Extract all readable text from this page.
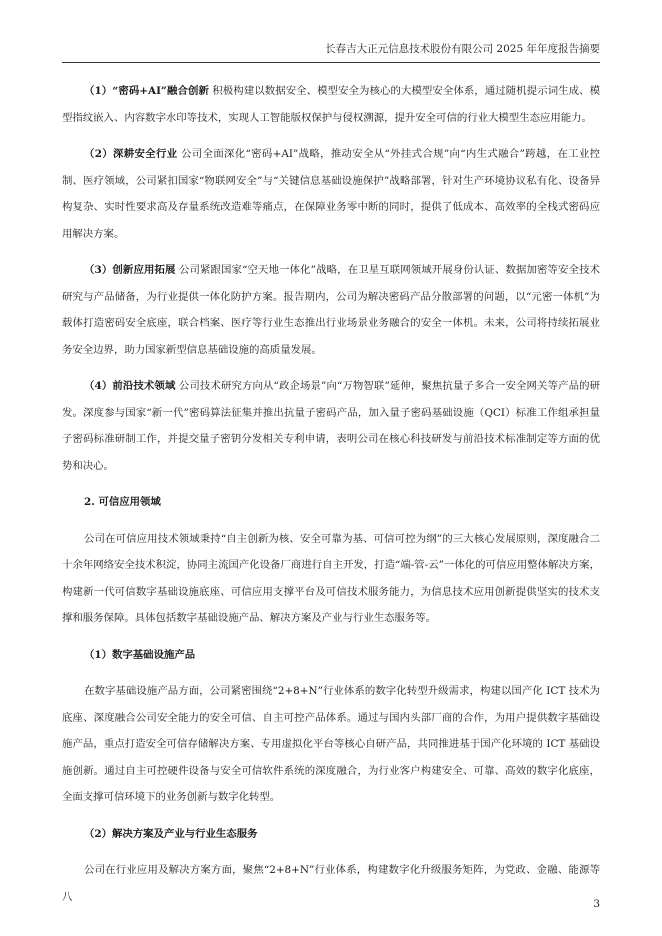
长春吉大正元信息技术股份有限公司 2025 年年度报告摘要

（1）“密码+AI”融合创新 积极构建以数据安全、模型安全为核心的大模型安全体系，通过随机提示词生成、模型指纹嵌入、内容数字水印等技术，实现人工智能版权保护与侵权溯源，提升安全可信的行业大模型生态应用能力。

（2）深耕安全行业 公司全面深化“密码+AI”战略，推动安全从“外挂式合规”向“内生式融合”跨越，在工业控制、医疗领域，公司紧扣国家“物联网安全”与“关键信息基础设施保护”战略部署，针对生产环境协议私有化、设备异构复杂、实时性要求高及存量系统改造难等痛点，在保障业务零中断的同时，提供了低成本、高效率的全栈式密码应用解决方案。

（3）创新应用拓展 公司紧跟国家“空天地一体化”战略，在卫星互联网领域开展身份认证、数据加密等安全技术研究与产品储备，为行业提供一体化防护方案。报告期内，公司为解决密码产品分散部署的问题，以“元密一体机”为载体打造密码安全底座，联合档案、医疗等行业生态推出行业场景业务融合的安全一体机。未来，公司将持续拓展业务安全边界，助力国家新型信息基础设施的高质量发展。

（4）前沿技术领域 公司技术研究方向从“政企场景”向“万物智联”延伸，聚焦抗量子多合一安全网关等产品的研发。深度参与国家“新一代”密码算法征集并推出抗量子密码产品，加入量子密码基础设施（QCI）标准工作组承担量子密码标准研制工作，并提交量子密钥分发相关专利申请，表明公司在核心科技研发与前沿技术标准制定等方面的优势和决心。

2. 可信应用领域

公司在可信应用技术领域秉持“自主创新为核、安全可靠为基、可信可控为纲”的三大核心发展原则，深度融合二十余年网络安全技术积淀，协同主流国产化设备厂商进行自主开发，打造“端-管-云”一体化的可信应用整体解决方案，构建新一代可信数字基础设施底座、可信应用支撑平台及可信技术服务能力，为信息技术应用创新提供坚实的技术支撑和服务保障。具体包括数字基础设施产品、解决方案及产业与行业生态服务等。

（1）数字基础设施产品

在数字基础设施产品方面，公司紧密围绕“2+8+N”行业体系的数字化转型升级需求，构建以国产化 ICT 技术为底座、深度融合公司安全能力的安全可信、自主可控产品体系。通过与国内头部厂商的合作，为用户提供数字基础设施产品，重点打造安全可信存储解决方案、专用虚拟化平台等核心自研产品，共同推进基于国产化环境的 ICT 基础设施创新。通过自主可控硬件设备与安全可信软件系统的深度融合，为行业客户构建安全、可靠、高效的数字化底座，全面支撑可信环境下的业务创新与数字化转型。

（2）解决方案及产业与行业生态服务

公司在行业应用及解决方案方面，聚焦“2+8+N”行业体系，构建数字化升级服务矩阵，为党政、金融、能源等八

3
